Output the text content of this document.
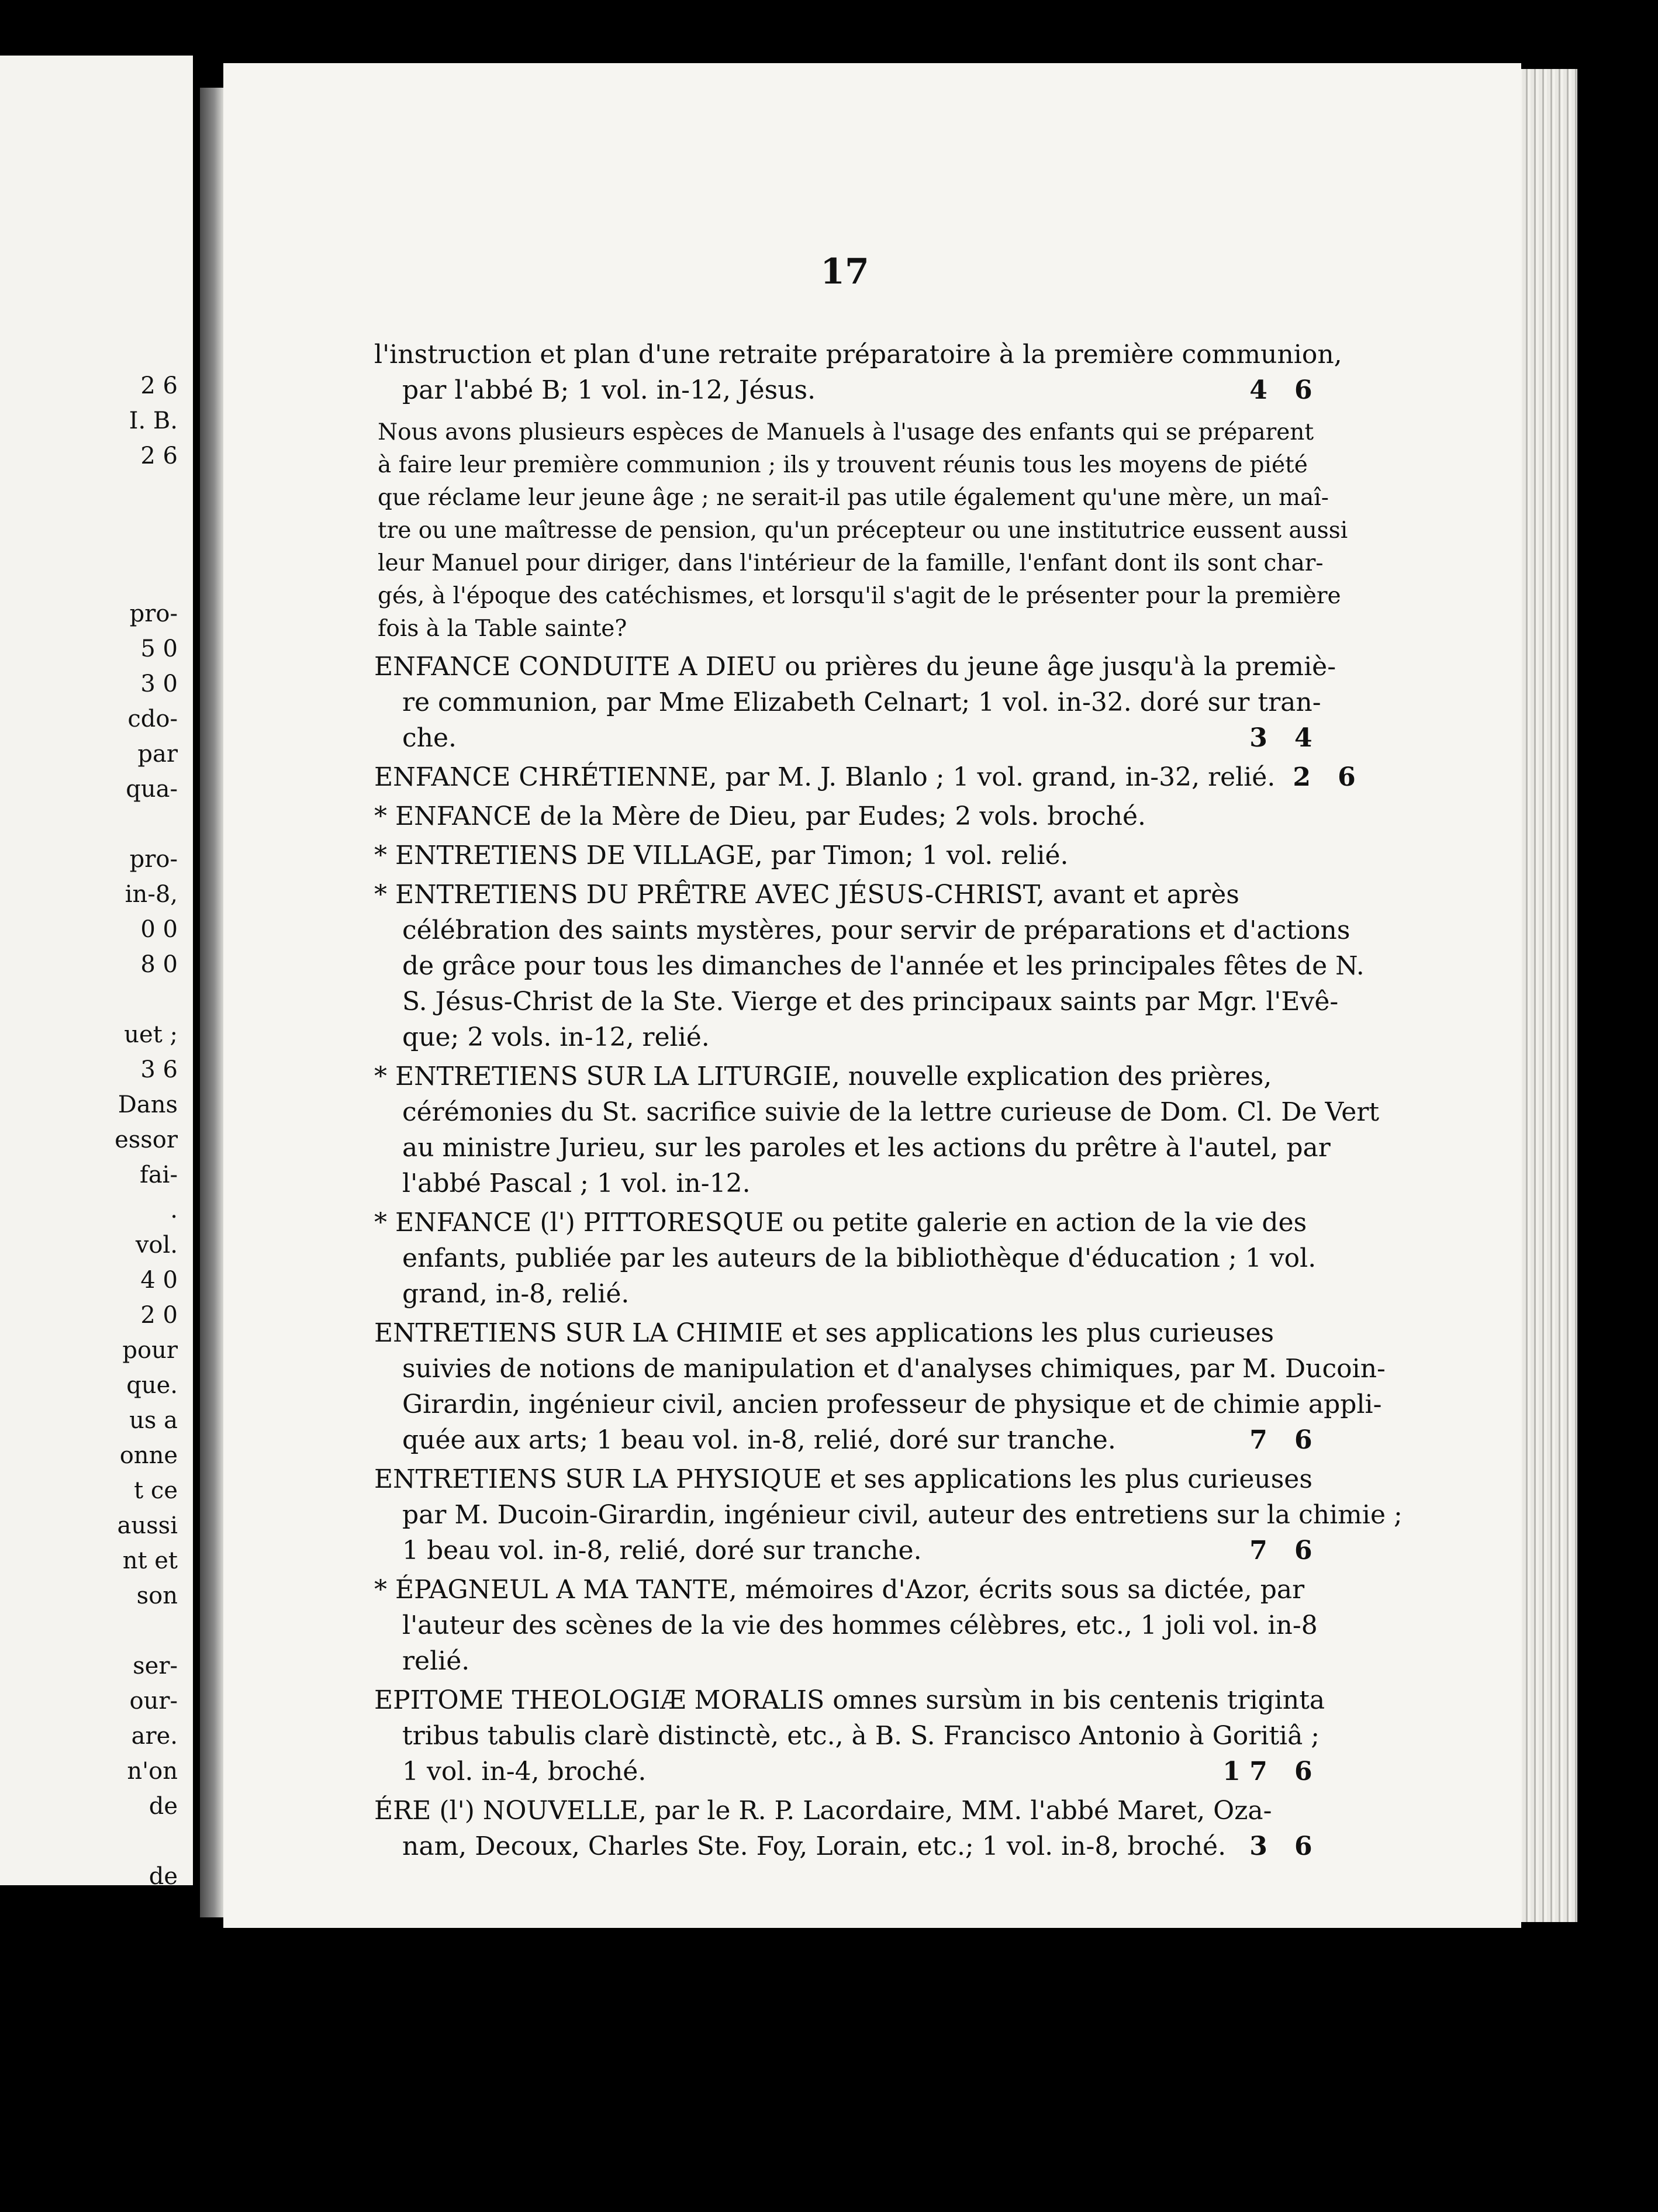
2 6
I. B.
2 6
pro-
5 0
3 0
cdo-
par
qua-
pro-
in-8,
0 0
8 0
uet ;
3 6
Dans
essor
fai-
.
vol.
4 0
2 0
pour
que.
us a
onne
t ce
aussi
nt et
son
ser-
our-
are.
n'on
de
de
17
l'instruction et plan d'une retraite préparatoire à la première communion,
par l'abbé B; 1 vol. in-12, Jésus.	4 6
Nous avons plusieurs espèces de Manuels à l'usage des enfants qui se préparent
à faire leur première communion ; ils y trouvent réunis tous les moyens de piété
que réclame leur jeune âge ; ne serait-il pas utile également qu'une mère, un maî-
tre ou une maîtresse de pension, qu'un précepteur ou une institutrice eussent aussi
leur Manuel pour diriger, dans l'intérieur de la famille, l'enfant dont ils sont char-
gés, à l'époque des catéchismes, et lorsqu'il s'agit de le présenter pour la première
fois à la Table sainte?
ENFANCE CONDUITE A DIEU ou prières du jeune âge jusqu'à la premiè-
re communion, par Mme Elizabeth Celnart; 1 vol. in-32. doré sur tran-
che.	3 4
ENFANCE CHRÉTIENNE, par M. J. Blanlo ; 1 vol. grand, in-32, relié. 2 6
* ENFANCE de la Mère de Dieu, par Eudes; 2 vols. broché.
* ENTRETIENS DE VILLAGE, par Timon; 1 vol. relié.
* ENTRETIENS DU PRÊTRE AVEC JÉSUS-CHRIST, avant et après
célébration des saints mystères, pour servir de préparations et d'actions
de grâce pour tous les dimanches de l'année et les principales fêtes de N.
S. Jésus-Christ de la Ste. Vierge et des principaux saints par Mgr. l'Evê-
que; 2 vols. in-12, relié.
* ENTRETIENS SUR LA LITURGIE, nouvelle explication des prières,
cérémonies du St. sacrifice suivie de la lettre curieuse de Dom. Cl. De Vert
au ministre Jurieu, sur les paroles et les actions du prêtre à l'autel, par
l'abbé Pascal ; 1 vol. in-12.
* ENFANCE (l') PITTORESQUE ou petite galerie en action de la vie des
enfants, publiée par les auteurs de la bibliothèque d'éducation ; 1 vol.
grand, in-8, relié.
ENTRETIENS SUR LA CHIMIE et ses applications les plus curieuses
suivies de notions de manipulation et d'analyses chimiques, par M. Ducoin-
Girardin, ingénieur civil, ancien professeur de physique et de chimie appli-
quée aux arts; 1 beau vol. in-8, relié, doré sur tranche.	7 6
ENTRETIENS SUR LA PHYSIQUE et ses applications les plus curieuses
par M. Ducoin-Girardin, ingénieur civil, auteur des entretiens sur la chimie ;
1 beau vol. in-8, relié, doré sur tranche.	7 6
* ÉPAGNEUL A MA TANTE, mémoires d'Azor, écrits sous sa dictée, par
l'auteur des scènes de la vie des hommes célèbres, etc., 1 joli vol. in-8
relié.
EPITOME THEOLOGIÆ MORALIS omnes sursùm in bis centenis triginta
tribus tabulis clarè distinctè, etc., à B. S. Francisco Antonio à Goritiâ ;
1 vol. in-4, broché.	17 6
ÉRE (l') NOUVELLE, par le R. P. Lacordaire, MM. l'abbé Maret, Oza-
nam, Decoux, Charles Ste. Foy, Lorain, etc.; 1 vol. in-8, broché. 3 6
